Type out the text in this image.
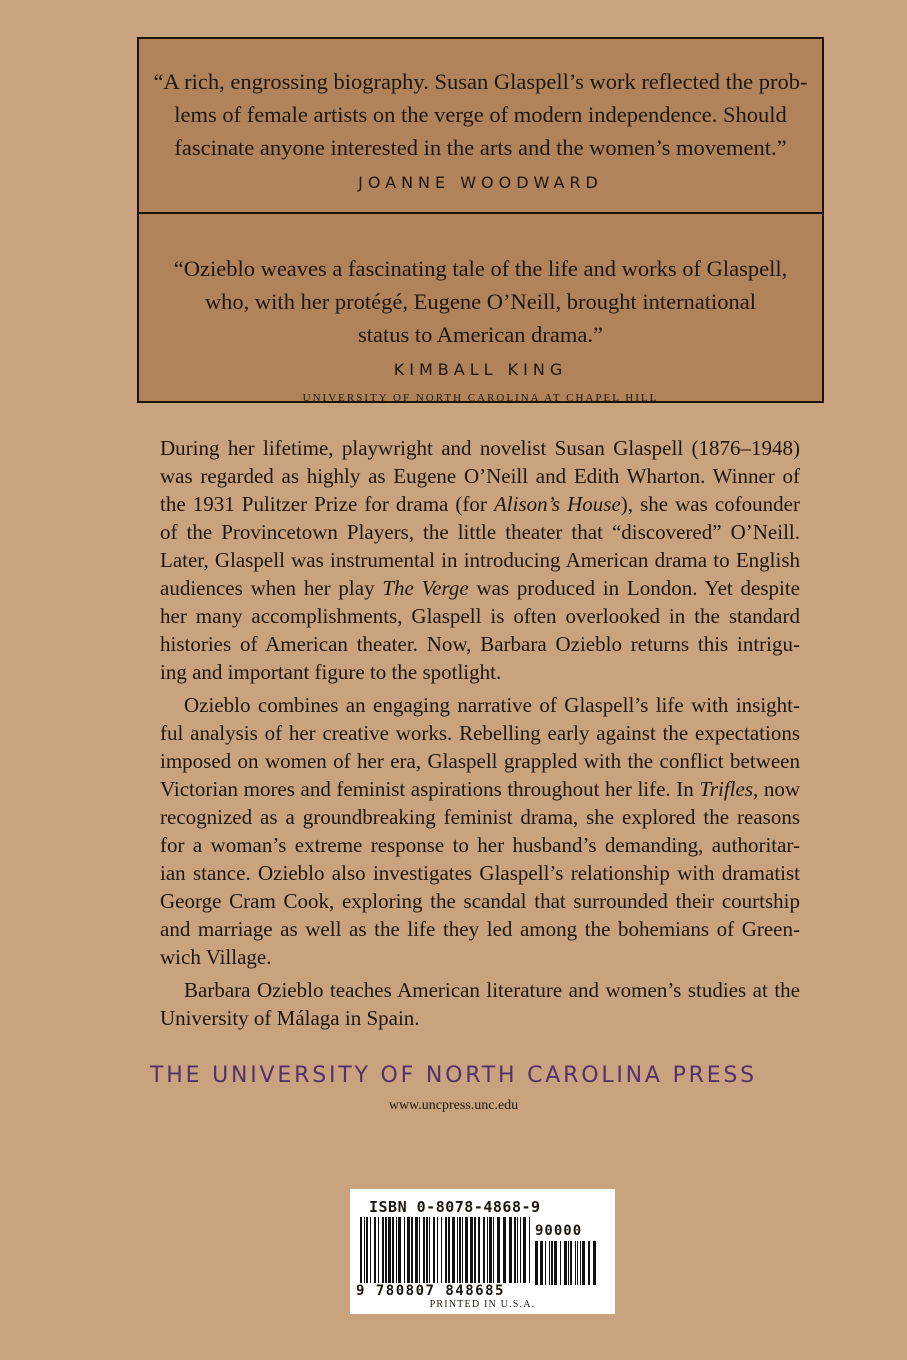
“A rich, engrossing biography. Susan Glaspell’s work reflected the prob-
lems of female artists on the verge of modern independence. Should
fascinate anyone interested in the arts and the women’s movement.”
JOANNE WOODWARD
“Ozieblo weaves a fascinating tale of the life and works of Glaspell,
who, with her protégé, Eugene O’Neill, brought international
status to American drama.”
KIMBALL KING
UNIVERSITY OF NORTH CAROLINA AT CHAPEL HILL
During her lifetime, playwright and novelist Susan Glaspell (1876–1948)
was regarded as highly as Eugene O’Neill and Edith Wharton. Winner of
the 1931 Pulitzer Prize for drama (for Alison’s House), she was cofounder
of the Provincetown Players, the little theater that “discovered” O’Neill.
Later, Glaspell was instrumental in introducing American drama to English
audiences when her play The Verge was produced in London. Yet despite
her many accomplishments, Glaspell is often overlooked in the standard
histories of American theater. Now, Barbara Ozieblo returns this intrigu-
ing and important figure to the spotlight.
Ozieblo combines an engaging narrative of Glaspell’s life with insight-
ful analysis of her creative works. Rebelling early against the expectations
imposed on women of her era, Glaspell grappled with the conflict between
Victorian mores and feminist aspirations throughout her life. In Trifles, now
recognized as a groundbreaking feminist drama, she explored the reasons
for a woman’s extreme response to her husband’s demanding, authoritar-
ian stance. Ozieblo also investigates Glaspell’s relationship with dramatist
George Cram Cook, exploring the scandal that surrounded their courtship
and marriage as well as the life they led among the bohemians of Green-
wich Village.
Barbara Ozieblo teaches American literature and women’s studies at the
University of Málaga in Spain.
THE UNIVERSITY OF NORTH CAROLINA PRESS
www.uncpress.unc.edu
ISBN 0-8078-4868-9
90000
9 780807 848685
PRINTED IN U.S.A.
